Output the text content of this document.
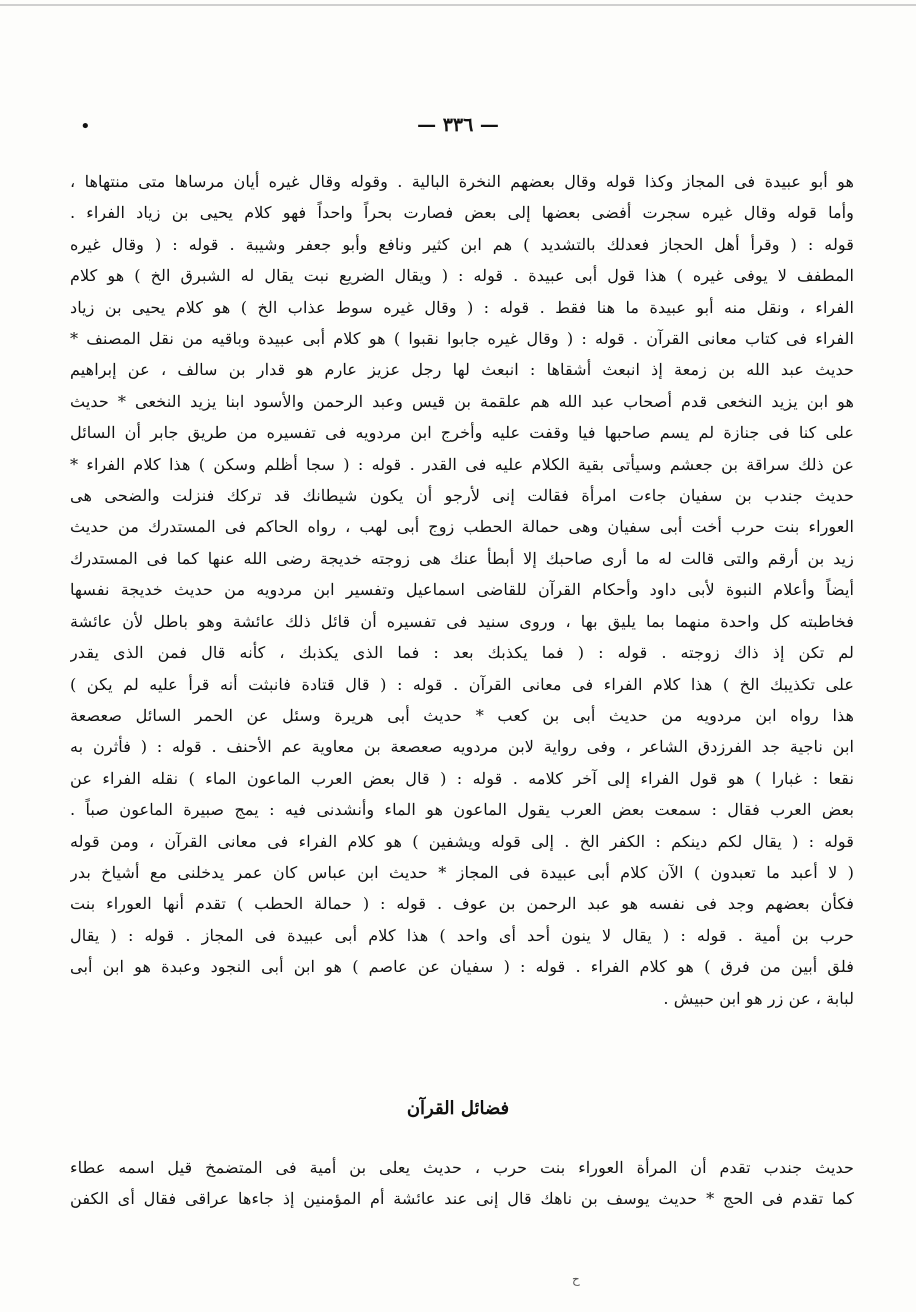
•	— ٣٣٦ —
هو أبو عبيدة فى المجاز وكذا قوله وقال بعضهم النخرة البالية . وقوله وقال غيره أيان مرساها متى منتهاها ،
وأما قوله وقال غيره سجرت أفضى بعضها إلى بعض فصارت بحراً واحداً فهو كلام يحيى بن زياد الفراء .
قوله : ( وقرأ أهل الحجاز فعدلك بالتشديد ) هم ابن كثير ونافع وأبو جعفر وشيبة . قوله : ( وقال غيره
المطفف لا يوفى غيره ) هذا قول أبى عبيدة . قوله : ( ويقال الضريع نبت يقال له الشبرق الخ ) هو كلام
الفراء ، ونقل منه أبو عبيدة ما هنا فقط . قوله : ( وقال غيره سوط عذاب الخ ) هو كلام يحيى بن زياد
الفراء فى كتاب معانى القرآن . قوله : ( وقال غيره جابوا نقبوا ) هو كلام أبى عبيدة وباقيه من نقل المصنف *
حديث عبد الله بن زمعة إذ انبعث أشقاها : انبعث لها رجل عزيز عارم هو قدار بن سالف ، عن إبراهيم
هو ابن يزيد النخعى قدم أصحاب عبد الله هم علقمة بن قيس وعبد الرحمن والأسود ابنا يزيد النخعى * حديث
على كنا فى جنازة لم يسم صاحبها فيا وقفت عليه وأخرج ابن مردويه فى تفسيره من طريق جابر أن السائل
عن ذلك سراقة بن جعشم وسيأتى بقية الكلام عليه فى القدر . قوله : ( سجا أظلم وسكن ) هذا كلام الفراء *
حديث جندب بن سفيان جاءت امرأة فقالت إنى لأرجو أن يكون شيطانك قد تركك فنزلت والضحى هى
العوراء بنت حرب أخت أبى سفيان وهى حمالة الحطب زوج أبى لهب ، رواه الحاكم فى المستدرك من حديث
زيد بن أرقم والتى قالت له ما أرى صاحبك إلا أبطأ عنك هى زوجته خديجة رضى الله عنها كما فى المستدرك
أيضاً وأعلام النبوة لأبى داود وأحكام القرآن للقاضى اسماعيل وتفسير ابن مردويه من حديث خديجة نفسها
فخاطبته كل واحدة منهما بما يليق بها ، وروى سنيد فى تفسيره أن قائل ذلك عائشة وهو باطل لأن عائشة
لم تكن إذ ذاك زوجته . قوله : ( فما يكذبك بعد : فما الذى يكذبك ، كأنه قال فمن الذى يقدر
على تكذيبك الخ ) هذا كلام الفراء فى معانى القرآن . قوله : ( قال قتادة فانبثت أنه قرأ عليه لم يكن )
هذا رواه ابن مردويه من حديث أبى بن كعب * حديث أبى هريرة وسئل عن الحمر السائل صعصعة
ابن ناجية جد الفرزدق الشاعر ، وفى رواية لابن مردويه صعصعة بن معاوية عم الأحنف . قوله : ( فأثرن به
نقعا : غبارا ) هو قول الفراء إلى آخر كلامه . قوله : ( قال بعض العرب الماعون الماء ) نقله الفراء عن
بعض العرب فقال : سمعت بعض العرب يقول الماعون هو الماء وأنشدنى فيه : يمج صبيرة الماعون صباً .
قوله : ( يقال لكم دينكم : الكفر الخ . إلى قوله ويشفين ) هو كلام الفراء فى معانى القرآن ، ومن قوله
( لا أعبد ما تعبدون ) الآن كلام أبى عبيدة فى المجاز * حديث ابن عباس كان عمر يدخلنى مع أشياخ بدر
فكأن بعضهم وجد فى نفسه هو عبد الرحمن بن عوف . قوله : ( حمالة الحطب ) تقدم أنها العوراء بنت
حرب بن أمية . قوله : ( يقال لا ينون أحد أى واحد ) هذا كلام أبى عبيدة فى المجاز . قوله : ( يقال
فلق أبين من فرق ) هو كلام الفراء . قوله : ( سفيان عن عاصم ) هو ابن أبى النجود وعبدة هو ابن أبى
لبابة ، عن زر هو ابن حبيش .
فضائل القرآن
حديث جندب تقدم أن المرأة العوراء بنت حرب ، حديث يعلى بن أمية فى المتضمخ قيل اسمه عطاء
كما تقدم فى الحج * حديث يوسف بن ناهك قال إنى عند عائشة أم المؤمنين إذ جاءها عراقى فقال أى الكفن
ح
